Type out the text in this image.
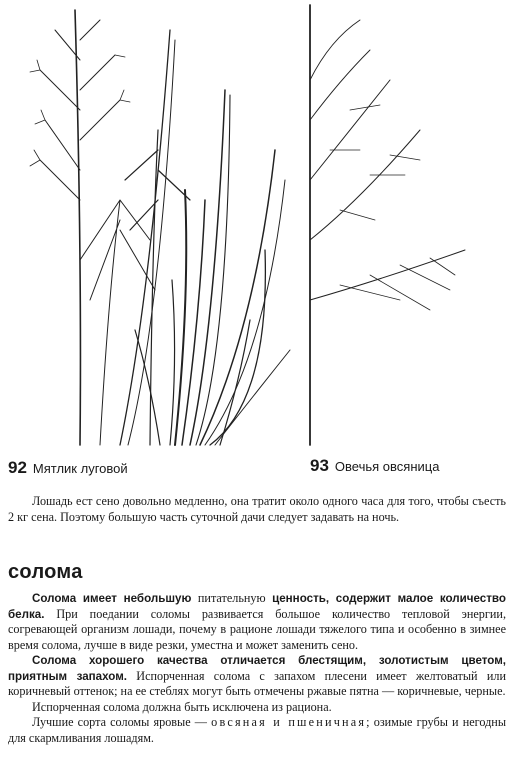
92 Мятлик луговой	93 Овечья овсяница

Лошадь ест сено довольно медленно, она тратит около одного часа для того, чтобы съесть 2 кг сена. Поэтому большую часть суточной дачи следует задавать на ночь.

солома

Солома имеет небольшую питательную ценность, содержит малое количество белка. При поедании соломы развивается большое количество тепловой энергии, согревающей организм лошади, почему в рационе лошади тяжелого типа и особенно в зимнее время солома, лучше в виде резки, уместна и может заменить сено.

Солома хорошего качества отличается блестящим, золотистым цветом, приятным запахом. Испорченная солома с запахом плесени имеет желтоватый или коричневый оттенок; на ее стеблях могут быть отмечены ржавые пятна — коричневые, черные.

Испорченная солома должна быть исключена из рациона.

Лучшие сорта соломы яровые — овсяная и пшеничная; озимые грубы и негодны для скармливания лошадям.
